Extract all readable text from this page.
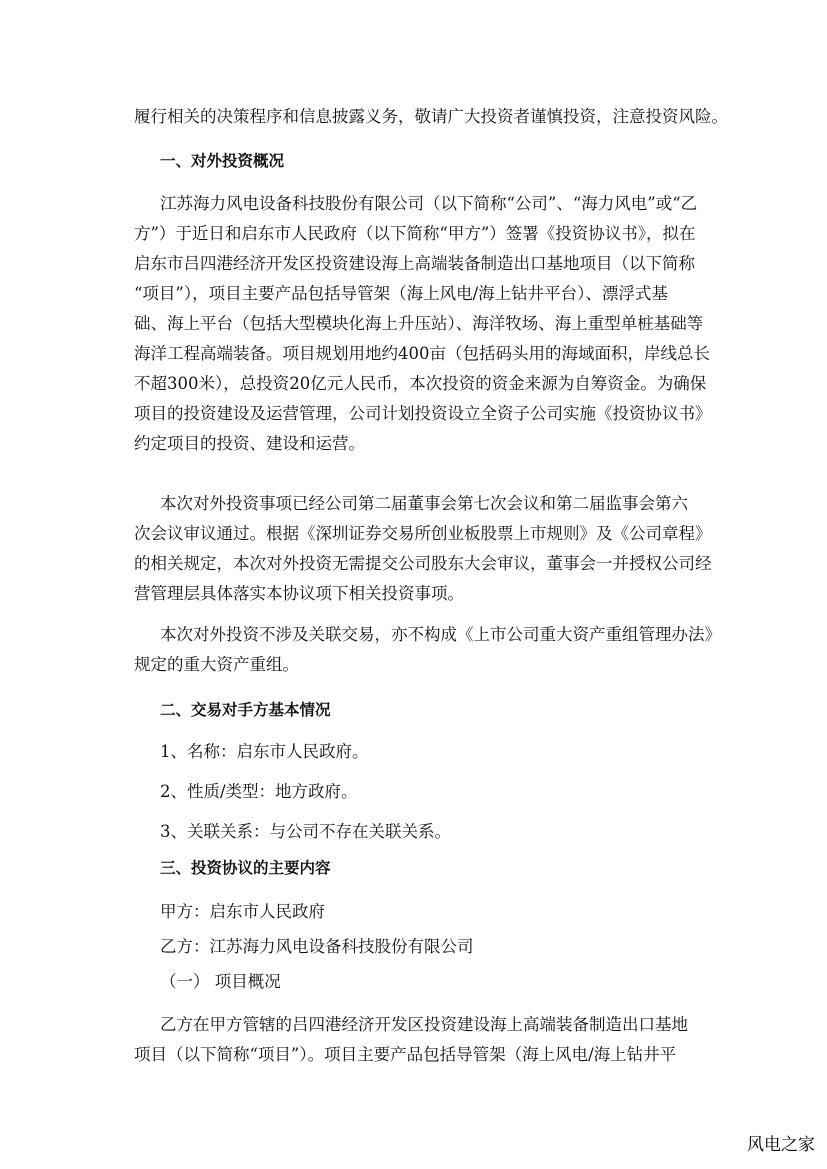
履行相关的决策程序和信息披露义务，敬请广大投资者谨慎投资，注意投资风险。
一、对外投资概况
江苏海力风电设备科技股份有限公司（以下简称“公司”、“海力风电”或“乙
方”）于近日和启东市人民政府（以下简称“甲方”）签署《投资协议书》，拟在
启东市吕四港经济开发区投资建设海上高端装备制造出口基地项目（以下简称
“项目”），项目主要产品包括导管架（海上风电/海上钻井平台）、漂浮式基
础、海上平台（包括大型模块化海上升压站）、海洋牧场、海上重型单桩基础等
海洋工程高端装备。项目规划用地约400亩（包括码头用的海域面积，岸线总长
不超300米），总投资20亿元人民币，本次投资的资金来源为自筹资金。为确保
项目的投资建设及运营管理，公司计划投资设立全资子公司实施《投资协议书》
约定项目的投资、建设和运营。
本次对外投资事项已经公司第二届董事会第七次会议和第二届监事会第六
次会议审议通过。根据《深圳证券交易所创业板股票上市规则》及《公司章程》
的相关规定，本次对外投资无需提交公司股东大会审议，董事会一并授权公司经
营管理层具体落实本协议项下相关投资事项。
本次对外投资不涉及关联交易，亦不构成《上市公司重大资产重组管理办法》
规定的重大资产重组。
二、交易对手方基本情况
1、名称：启东市人民政府。
2、性质/类型：地方政府。
3、关联关系：与公司不存在关联关系。
三、投资协议的主要内容
甲方：启东市人民政府
乙方：江苏海力风电设备科技股份有限公司
（一） 项目概况
乙方在甲方管辖的吕四港经济开发区投资建设海上高端装备制造出口基地
项目（以下简称“项目”）。项目主要产品包括导管架（海上风电/海上钻井平
风电之家
